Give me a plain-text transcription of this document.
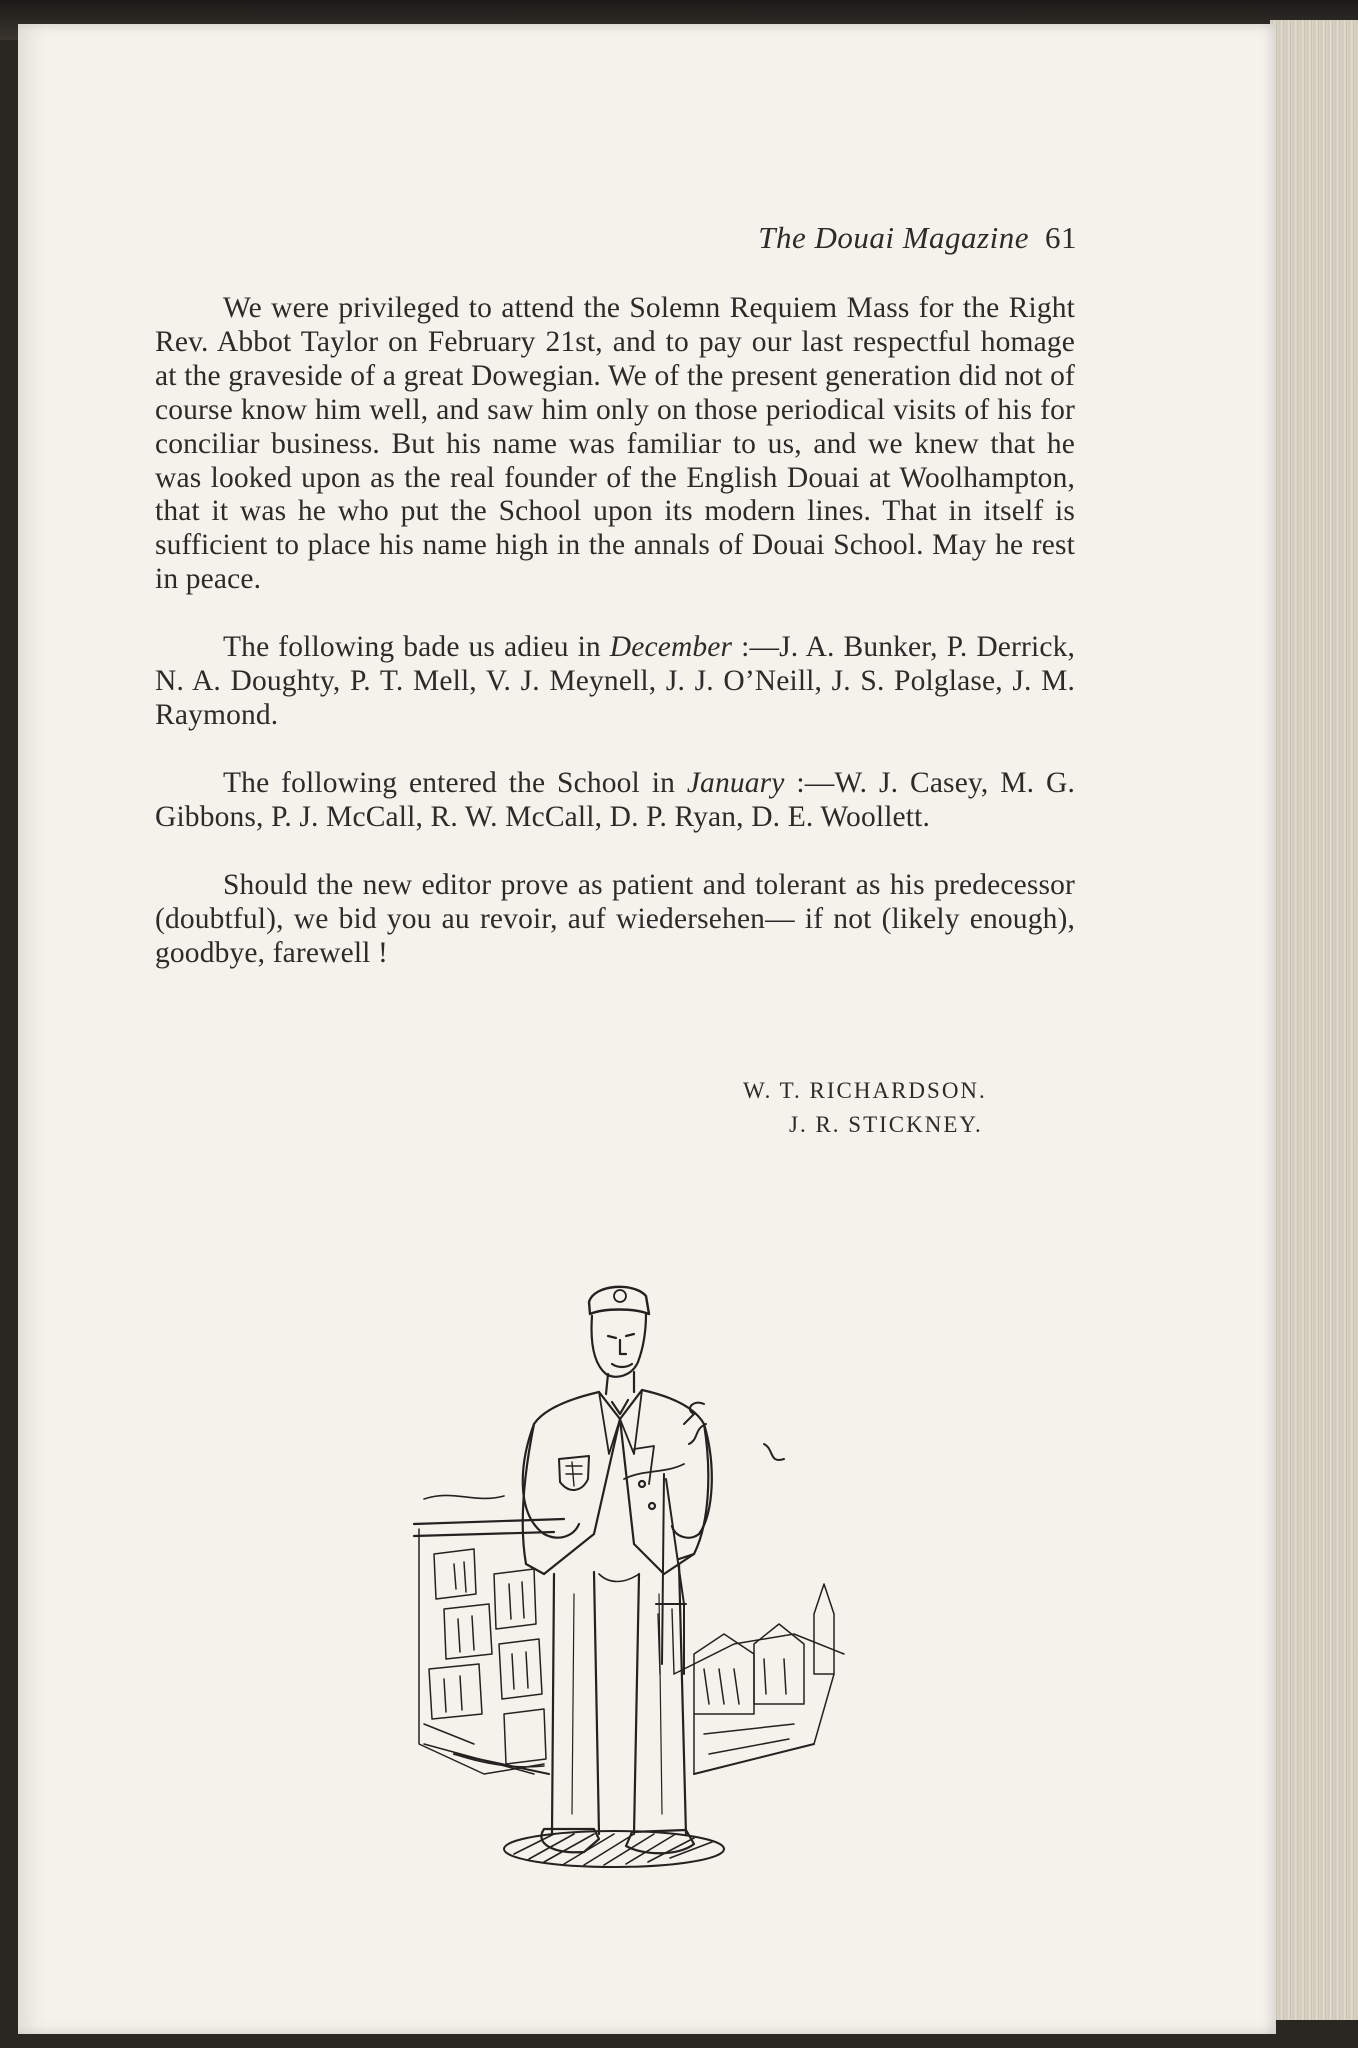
The Douai Magazine 61

We were privileged to attend the Solemn Requiem Mass for the Right Rev. Abbot Taylor on February 21st, and to pay our last respectful homage at the graveside of a great Dowegian. We of the present generation did not of course know him well, and saw him only on those periodical visits of his for conciliar business. But his name was familiar to us, and we knew that he was looked upon as the real founder of the English Douai at Woolhampton, that it was he who put the School upon its modern lines. That in itself is sufficient to place his name high in the annals of Douai School. May he rest in peace.

The following bade us adieu in December :—J. A. Bunker, P. Derrick, N. A. Doughty, P. T. Mell, V. J. Meynell, J. J. O’Neill, J. S. Polglase, J. M. Raymond.

The following entered the School in January :—W. J. Casey, M. G. Gibbons, P. J. McCall, R. W. McCall, D. P. Ryan, D. E. Woollett.

Should the new editor prove as patient and tolerant as his predecessor (doubtful), we bid you au revoir, auf wiedersehen— if not (likely enough), goodbye, farewell !

W. T. RICHARDSON.
J. R. STICKNEY.
